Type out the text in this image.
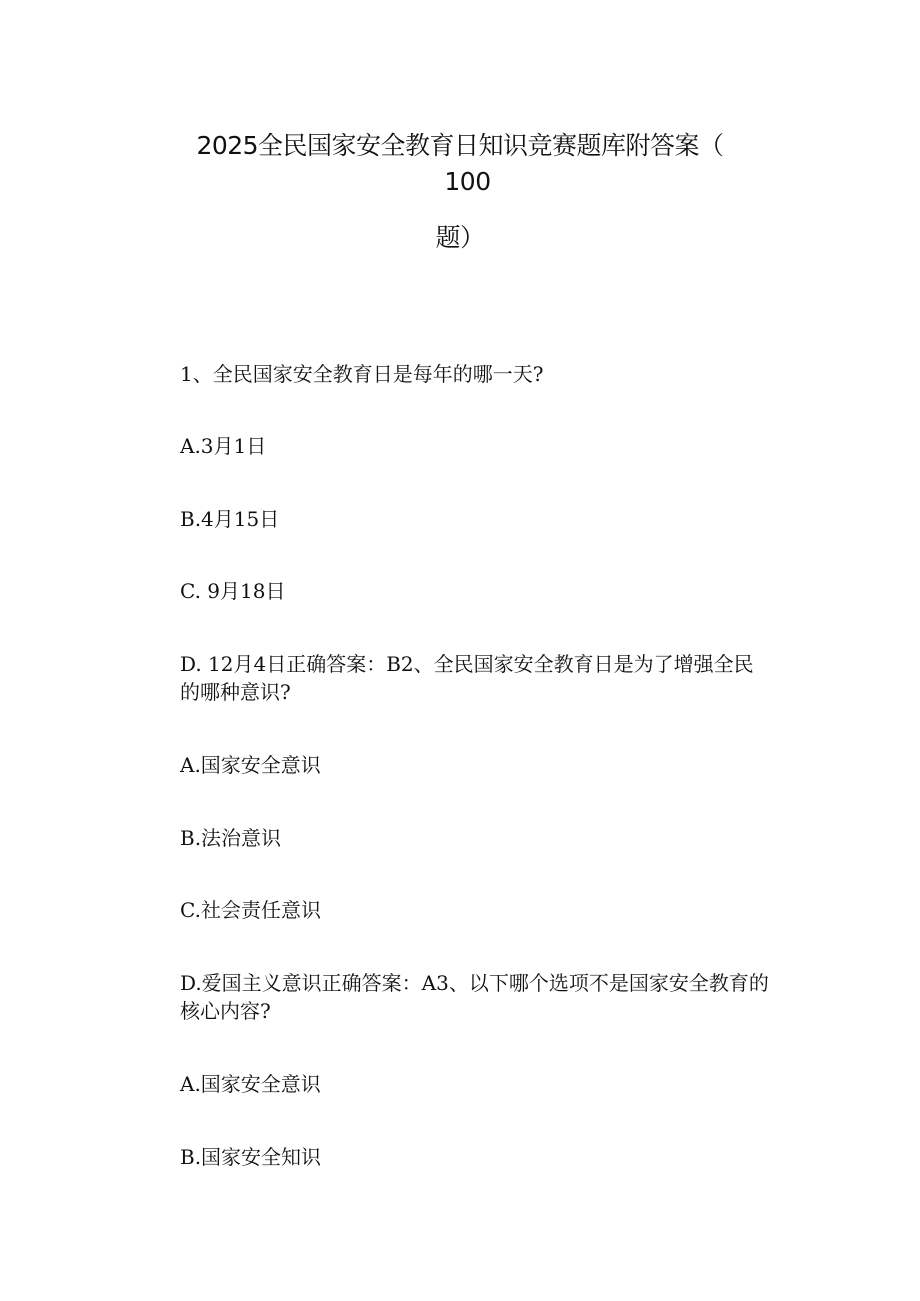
2025全民国家安全教育日知识竞赛题库附答案（
100
题）
1、全民国家安全教育日是每年的哪一天?
A.3月1日
B.4月15日
C. 9月18日
D. 12月4日正确答案：B2、全民国家安全教育日是为了增强全民的哪种意识?
A.国家安全意识
B.法治意识
C.社会责任意识
D.爱国主义意识正确答案：A3、以下哪个选项不是国家安全教育的核心内容?
A.国家安全意识
B.国家安全知识
